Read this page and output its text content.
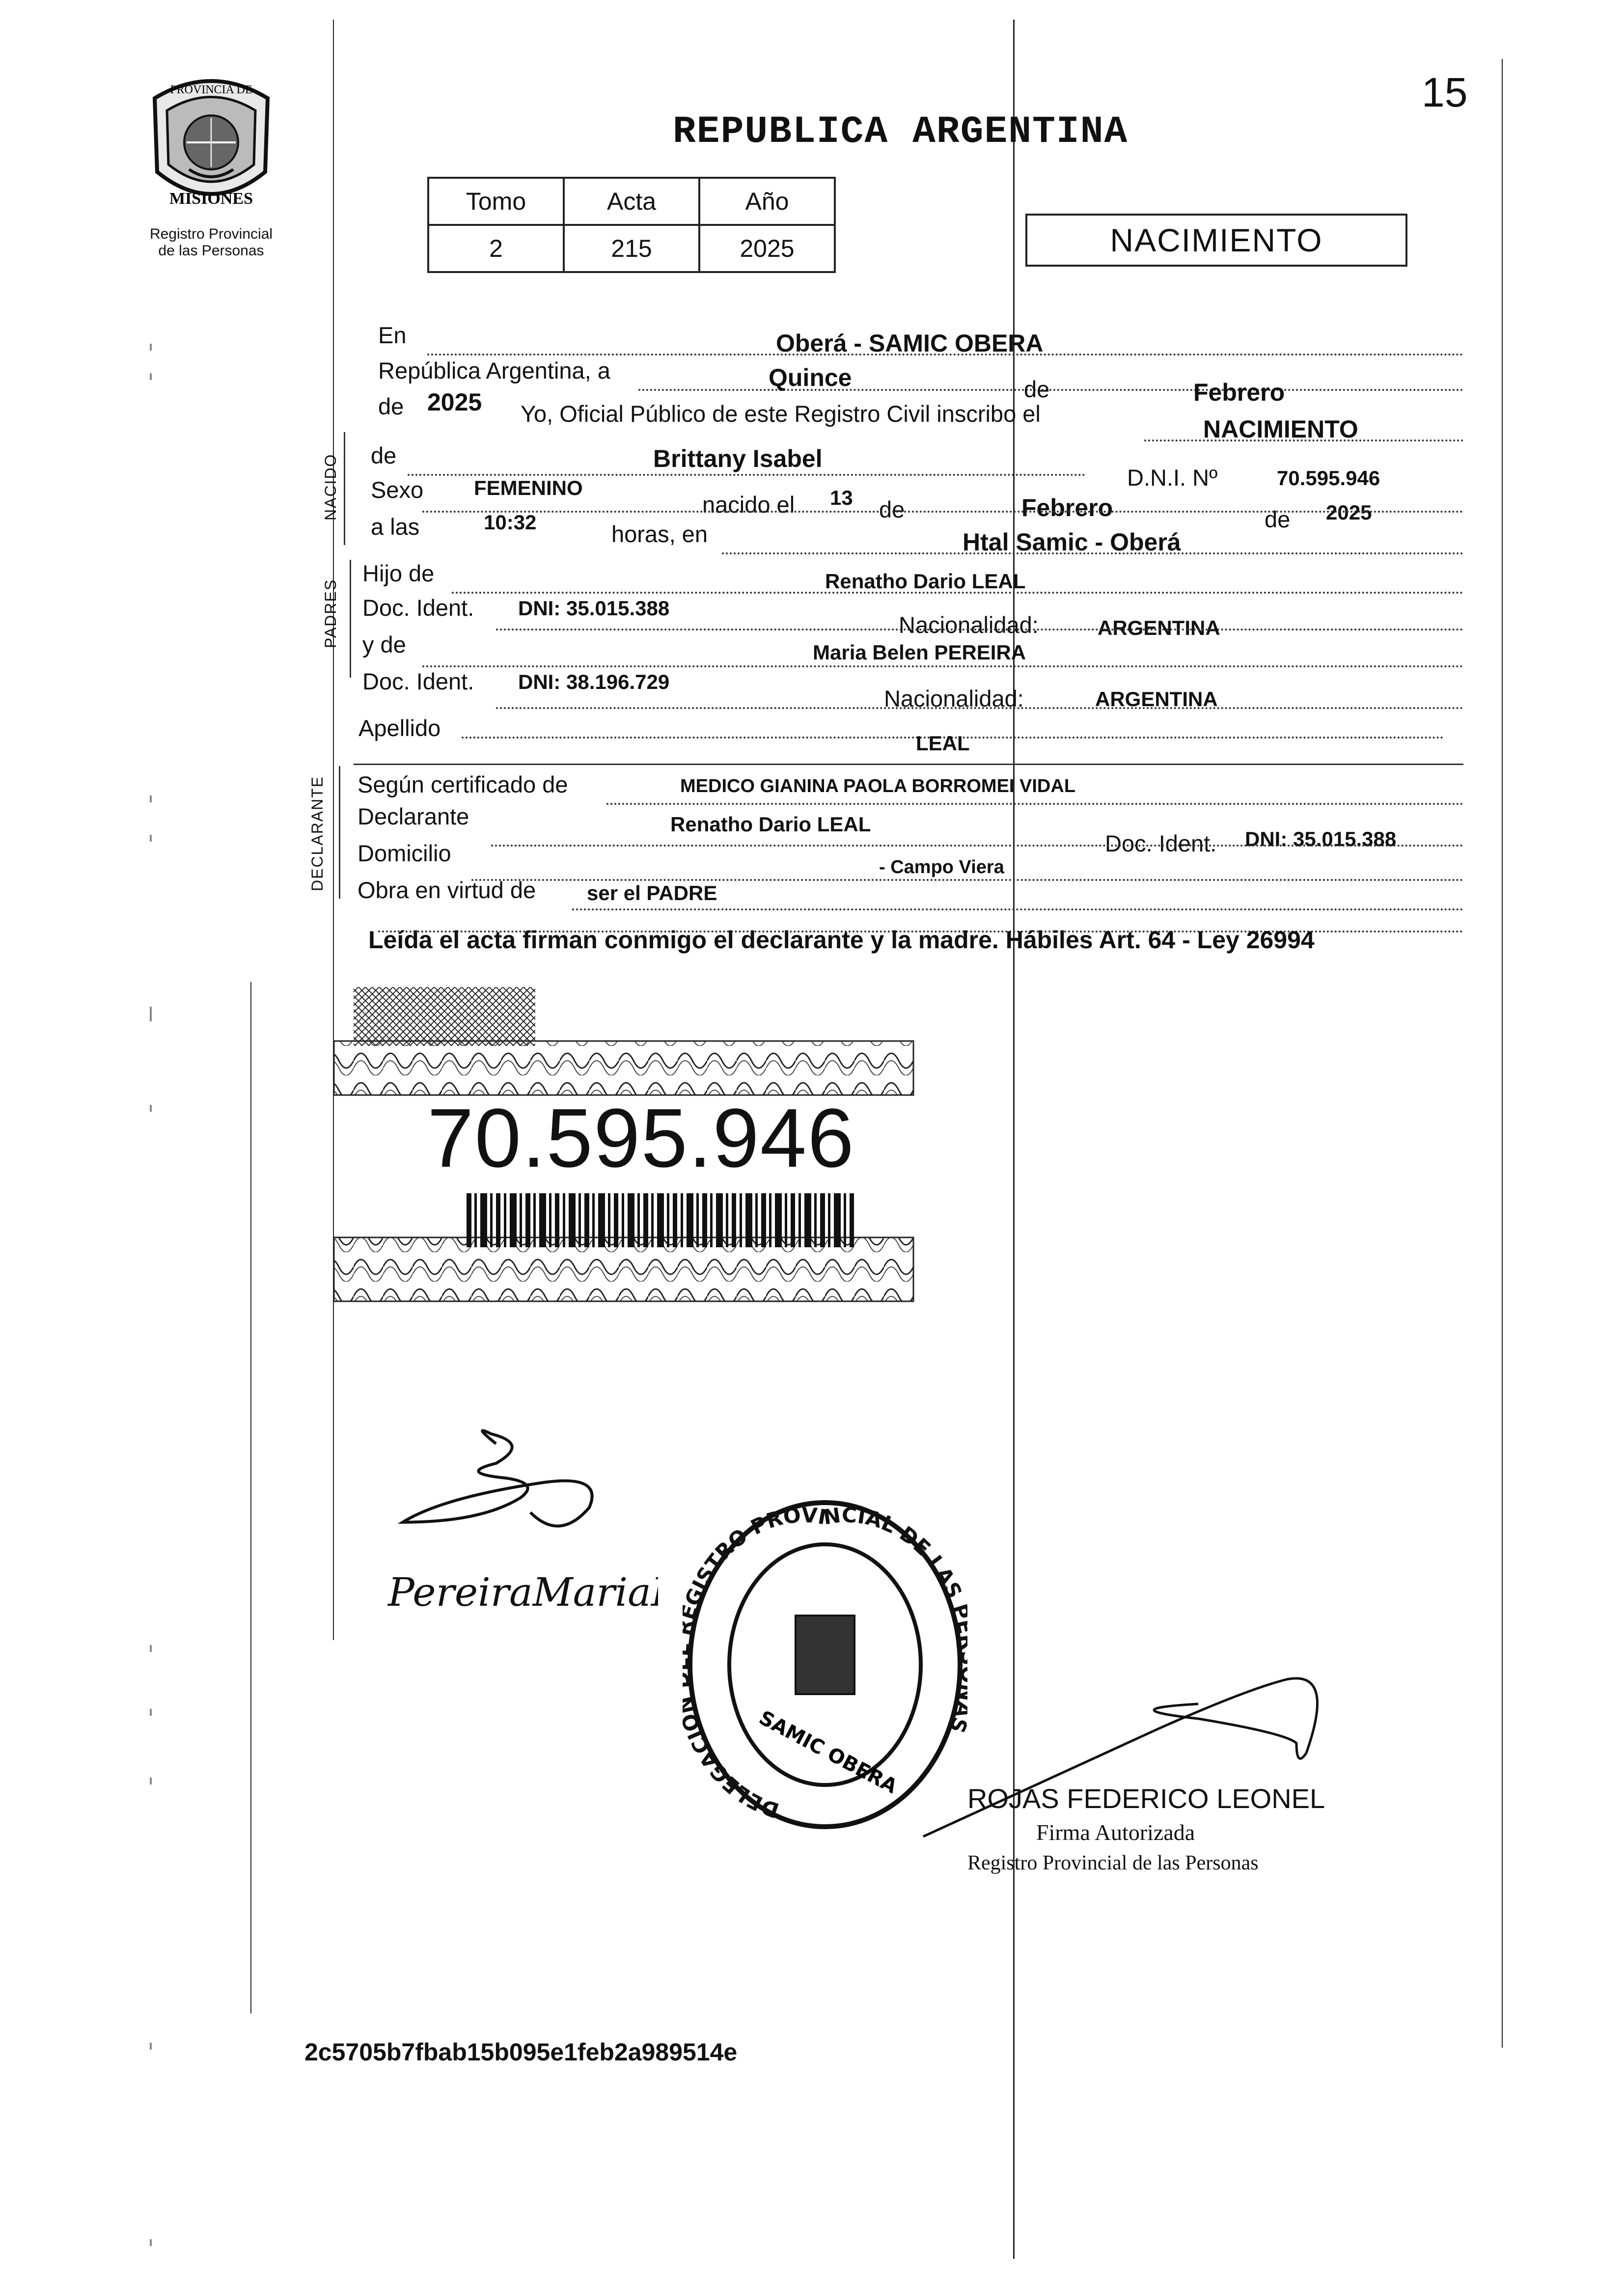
PROVINCIA DE
MISIONES
Registro Provincial
de las Personas
15
REPUBLICA ARGENTINA
Tomo	Acta	Año
2	215	2025	NACIMIENTO
En	Oberá - SAMIC OBERA
República Argentina, a	Quince	de	Febrero
de 2025 Yo, Oficial Público de este Registro Civil inscribo el
NACIMIENTO
NACIDO de	Brittany Isabel
D.N.I. Nº	70.595.946
Sexo FEMENINO
nacido el 13 de	Febrero	de 2025
a las	10:32	horas, en	Htal Samic - Oberá
PADRES
Hijo de	Renatho Dario LEAL
Doc. Ident. DNI: 35.015.388
Nacionalidad:	ARGENTINA
y de	Maria Belen PEREIRA
Doc. Ident. DNI: 38.196.729
Nacionalidad:	ARGENTINA
Apellido
LEAL
DECLARANTE Según certificado de	MEDICO GIANINA PAOLA BORROMEI VIDAL
Declarante	Renatho Dario LEAL
Doc. Ident. DNI: 35.015.388
Domicilio
- Campo Viera
Obra en virtud de ser el PADRE
Leída el acta firman conmigo el declarante y la madre. Hábiles Art. 64 - Ley 26994
70.595.946
PereiraMaria
DELEGACI GISTRO PROVINCIAL DE LAS
SAMIC OBERA
ROJAS FEDERICO LEONEL
Firma Autorizada
Registro Provincial de las Personas
2c5705b7fbab15b095e1feb2a989514e
